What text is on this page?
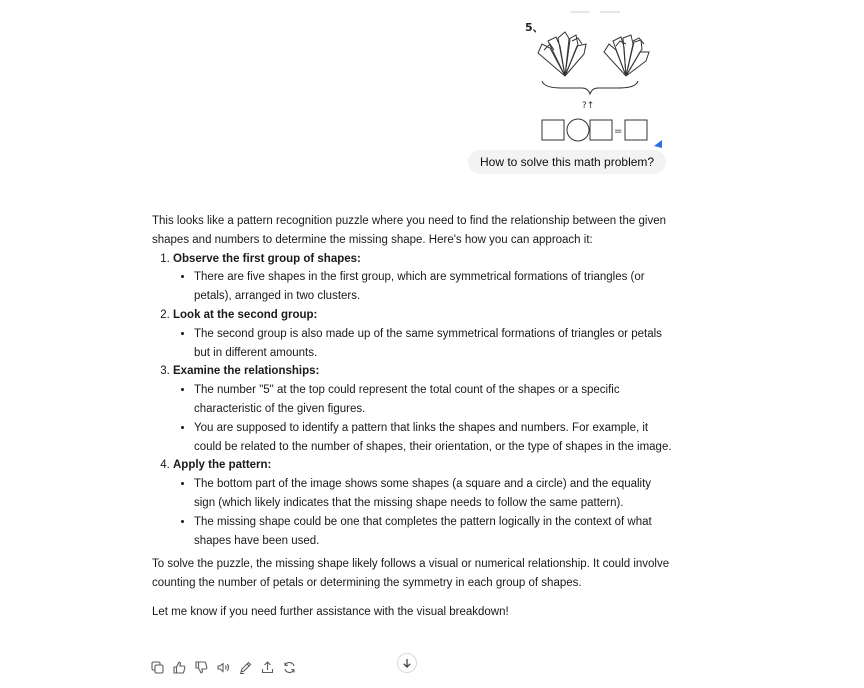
5、
?↑
=
How to solve this math problem?

This looks like a pattern recognition puzzle where you need to find the relationship between the given shapes and numbers to determine the missing shape. Here's how you can approach it:

1. Observe the first group of shapes:
• There are five shapes in the first group, which are symmetrical formations of triangles (or petals), arranged in two clusters.
2. Look at the second group:
• The second group is also made up of the same symmetrical formations of triangles or petals but in different amounts.
3. Examine the relationships:
• The number "5" at the top could represent the total count of the shapes or a specific characteristic of the given figures.
• You are supposed to identify a pattern that links the shapes and numbers. For example, it could be related to the number of shapes, their orientation, or the type of shapes in the image.
4. Apply the pattern:
• The bottom part of the image shows some shapes (a square and a circle) and the equality sign (which likely indicates that the missing shape needs to follow the same pattern).
• The missing shape could be one that completes the pattern logically in the context of what shapes have been used.

To solve the puzzle, the missing shape likely follows a visual or numerical relationship. It could involve counting the number of petals or determining the symmetry in each group of shapes.

Let me know if you need further assistance with the visual breakdown!
